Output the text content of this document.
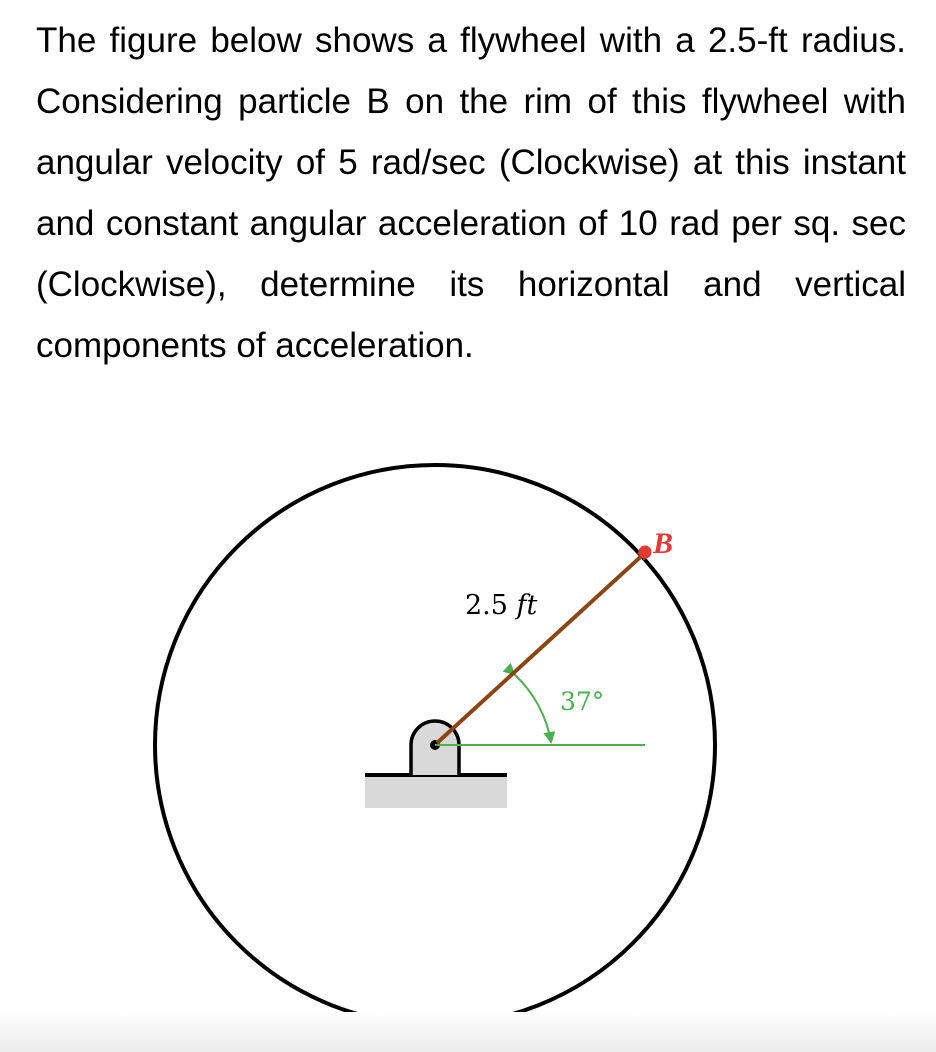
The figure below shows a flywheel with a 2.5-ft radius. Considering particle B on the rim of this flywheel with angular velocity of 5 rad/sec (Clockwise) at this instant and constant angular acceleration of 10 rad per sq. sec (Clockwise), determine its horizontal and vertical components of acceleration.

2.5 ft
37°
B
